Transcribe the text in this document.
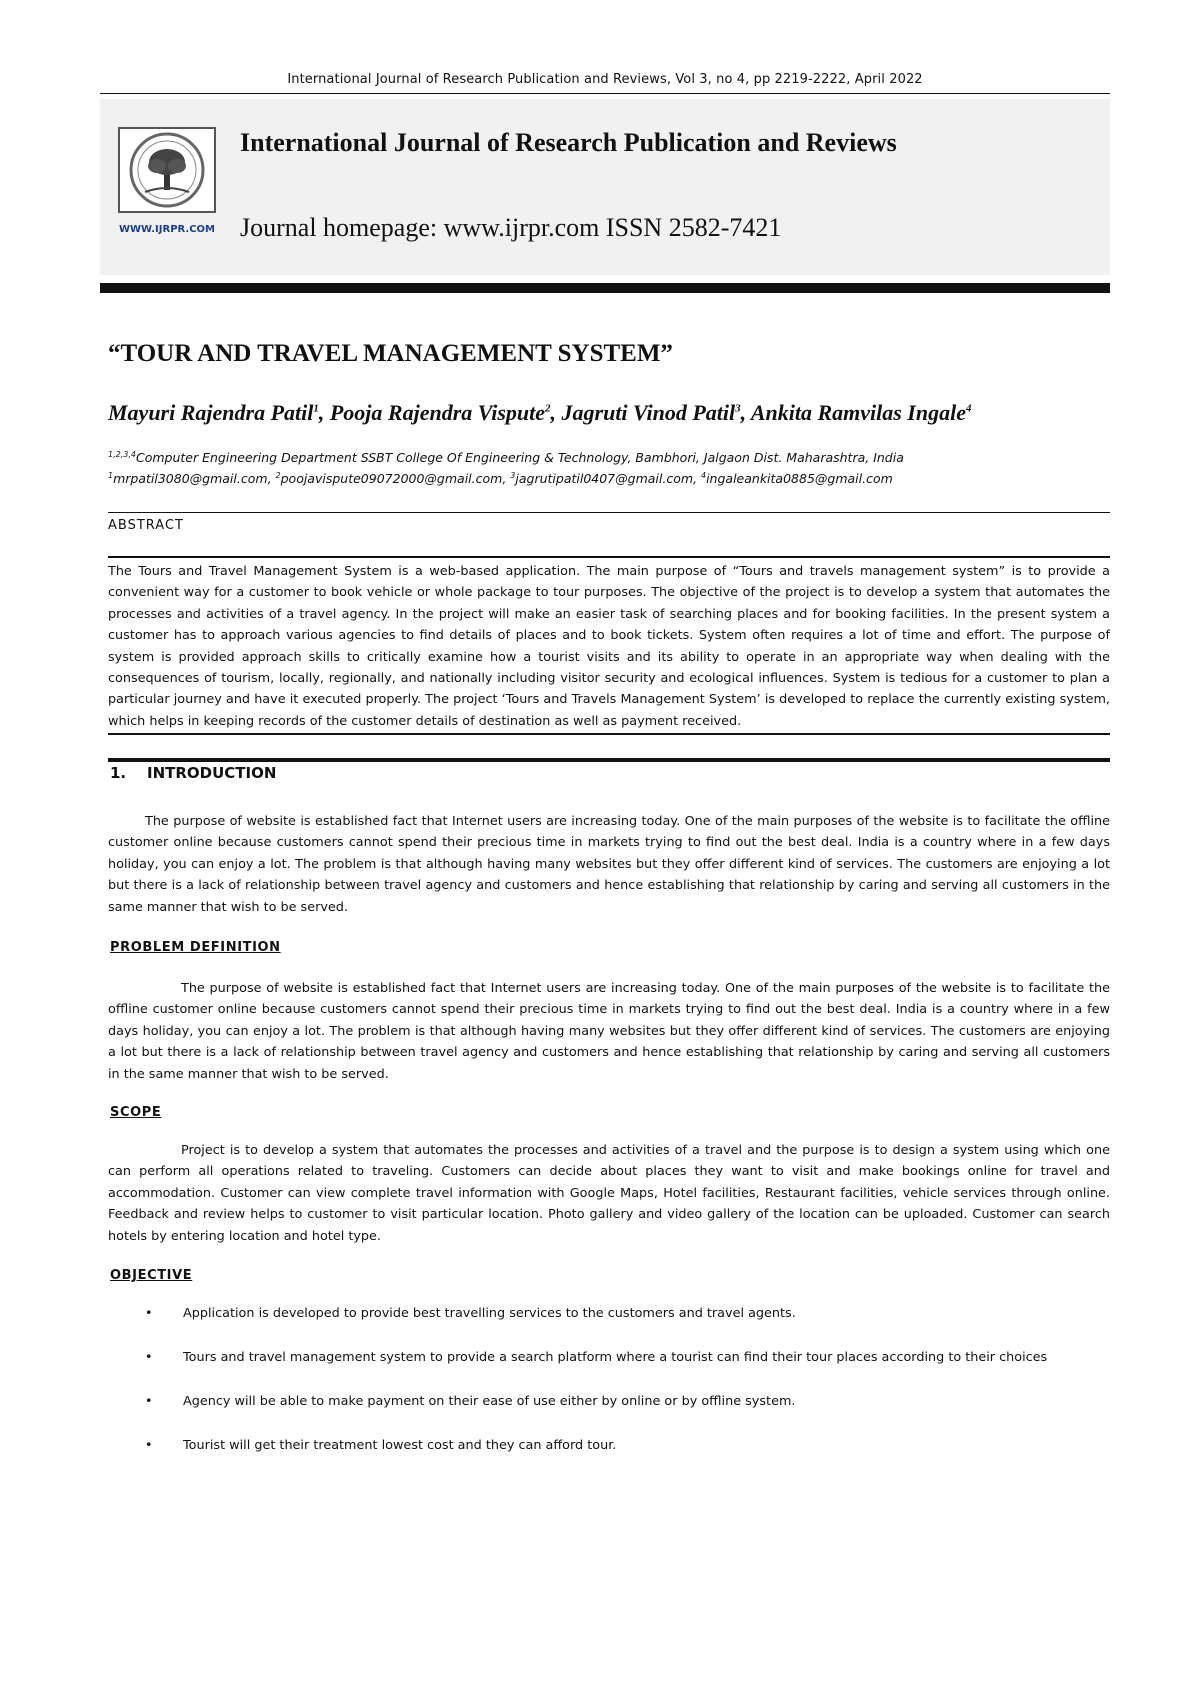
International Journal of Research Publication and Reviews, Vol 3, no 4, pp 2219-2222, April 2022
WWW.IJRPR.COM
International Journal of Research Publication and Reviews
Journal homepage: www.ijrpr.com ISSN 2582-7421
“TOUR AND TRAVEL MANAGEMENT SYSTEM”
Mayuri Rajendra Patil$^1$, Pooja Rajendra Vispute$^2$, Jagruti Vinod Patil$^3$, Ankita Ramvilas Ingale$^4$
$^{1,2,3,4}$Computer Engineering Department SSBT College Of Engineering & Technology, Bambhori, Jalgaon Dist. Maharashtra, India
$^1$mrpatil3080@gmail.com, $^2$poojavispute09072000@gmail.com, $^3$jagrutipatil0407@gmail.com, $^4$ingaleankita0885@gmail.com
ABSTRACT
The Tours and Travel Management System is a web-based application. The main purpose of “Tours and travels management system” is to provide a convenient way for a customer to book vehicle or whole package to tour purposes. The objective of the project is to develop a system that automates the processes and activities of a travel agency. In the project will make an easier task of searching places and for booking facilities. In the present system a customer has to approach various agencies to find details of places and to book tickets. System often requires a lot of time and effort. The purpose of system is provided approach skills to critically examine how a tourist visits and its ability to operate in an appropriate way when dealing with the consequences of tourism, locally, regionally, and nationally including visitor security and ecological influences. System is tedious for a customer to plan a particular journey and have it executed properly. The project ‘Tours and Travels Management System’ is developed to replace the currently existing system, which helps in keeping records of the customer details of destination as well as payment received.
1. INTRODUCTION
The purpose of website is established fact that Internet users are increasing today. One of the main purposes of the website is to facilitate the offline customer online because customers cannot spend their precious time in markets trying to find out the best deal. India is a country where in a few days holiday, you can enjoy a lot. The problem is that although having many websites but they offer different kind of services. The customers are enjoying a lot but there is a lack of relationship between travel agency and customers and hence establishing that relationship by caring and serving all customers in the same manner that wish to be served.
PROBLEM DEFINITION
The purpose of website is established fact that Internet users are increasing today. One of the main purposes of the website is to facilitate the offline customer online because customers cannot spend their precious time in markets trying to find out the best deal. India is a country where in a few days holiday, you can enjoy a lot. The problem is that although having many websites but they offer different kind of services. The customers are enjoying a lot but there is a lack of relationship between travel agency and customers and hence establishing that relationship by caring and serving all customers in the same manner that wish to be served.
SCOPE
Project is to develop a system that automates the processes and activities of a travel and the purpose is to design a system using which one can perform all operations related to traveling. Customers can decide about places they want to visit and make bookings online for travel and accommodation. Customer can view complete travel information with Google Maps, Hotel facilities, Restaurant facilities, vehicle services through online. Feedback and review helps to customer to visit particular location. Photo gallery and video gallery of the location can be uploaded. Customer can search hotels by entering location and hotel type.
OBJECTIVE
• Application is developed to provide best travelling services to the customers and travel agents.
• Tours and travel management system to provide a search platform where a tourist can find their tour places according to their choices
• Agency will be able to make payment on their ease of use either by online or by offline system.
• Tourist will get their treatment lowest cost and they can afford tour.
